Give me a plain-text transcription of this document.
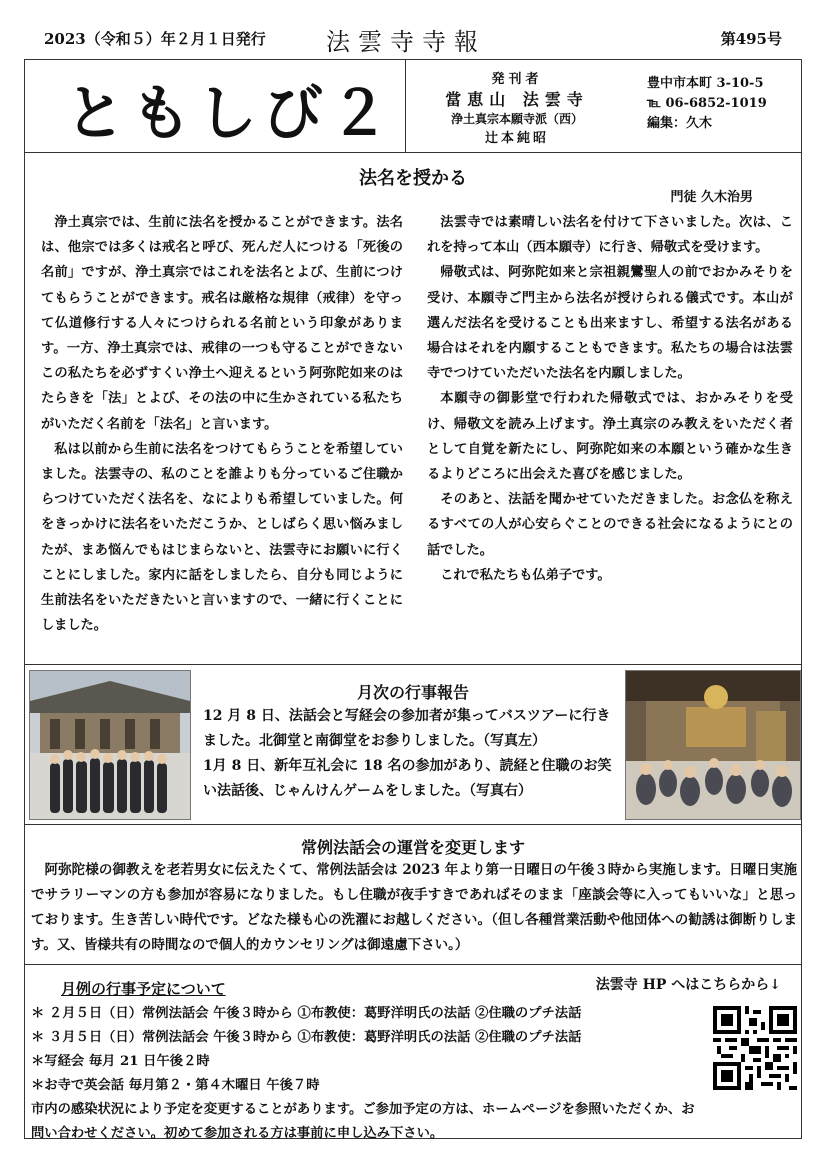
2023（令和５）年２月１日発行	法雲寺寺報	第495号
ともしび２	発刊者
當恵山 法雲寺
浄土真宗本願寺派（西）
辻本純昭
豊中市本町 3-10-5
℡ 06-6852-1019
編集：久木
法名を授かる
門徒 久木治男

浄土真宗では、生前に法名を授かることができます。法名は、他宗では多くは戒名と呼び、死んだ人につける「死後の名前」ですが、浄土真宗ではこれを法名とよび、生前につけてもらうことができます。戒名は厳格な規律（戒律）を守って仏道修行する人々につけられる名前という印象があります。一方、浄土真宗では、戒律の一つも守ることができないこの私たちを必ずすくい浄土へ迎えるという阿弥陀如来のはたらきを「法」とよび、その法の中に生かされている私たちがいただく名前を「法名」と言います。

私は以前から生前に法名をつけてもらうことを希望していました。法雲寺の、私のことを誰よりも分っているご住職からつけていただく法名を、なによりも希望していました。何をきっかけに法名をいただこうか、としばらく思い悩みましたが、まあ悩んでもはじまらないと、法雲寺にお願いに行くことにしました。家内に話をしましたら、自分も同じように生前法名をいただきたいと言いますので、一緒に行くことにしました。

法雲寺では素晴しい法名を付けて下さいました。次は、これを持って本山（西本願寺）に行き、帰敬式を受けます。

帰敬式は、阿弥陀如来と宗祖親鸞聖人の前でおかみそりを受け、本願寺ご門主から法名が授けられる儀式です。本山が選んだ法名を受けることも出来ますし、希望する法名がある場合はそれを内願することもできます。私たちの場合は法雲寺でつけていただいた法名を内願しました。

本願寺の御影堂で行われた帰敬式では、おかみそりを受け、帰敬文を読み上げます。浄土真宗のみ教えをいただく者として自覚を新たにし、阿弥陀如来の本願という確かな生きるよりどころに出会えた喜びを感じました。

そのあと、法話を聞かせていただきました。お念仏を称えるすべての人が心安らぐことのできる社会になるようにとの話でした。

これで私たちも仏弟子です。

月次の行事報告

12 月 8 日、法話会と写経会の参加者が集ってバスツアーに行きました。北御堂と南御堂をお参りしました。（写真左）

1月 8 日、新年互礼会に 18 名の参加があり、読経と住職のお笑い法話後、じゃんけんゲームをしました。（写真右）

常例法話会の運営を変更します

阿弥陀様の御教えを老若男女に伝えたくて、常例法話会は 2023 年より第一日曜日の午後３時から実施します。日曜日実施でサラリーマンの方も参加が容易になりました。もし住職が夜手すきであればそのまま「座談会等に入ってもいいな」と思っております。生き苦しい時代です。どなた様も心の洗濯にお越しください。（但し各種営業活動や他団体への勧誘は御断りします。又、皆様共有の時間なので個人的カウンセリングは御遠慮下さい。）

月例の行事予定について	法雲寺 HP へはこちらから↓
＊ ２月５日（日）常例法話会 午後３時から ①布教使：葛野洋明氏の法話 ②住職のプチ法話
＊ ３月５日（日）常例法話会 午後３時から ①布教使：葛野洋明氏の法話 ②住職のプチ法話
＊写経会 毎月 21 日午後２時
＊お寺で英会話 毎月第２・第４木曜日 午後７時
市内の感染状況により予定を変更することがあります。ご参加予定の方は、ホームページを参照いただくか、お問い合わせください。初めて参加される方は事前に申し込み下さい。
